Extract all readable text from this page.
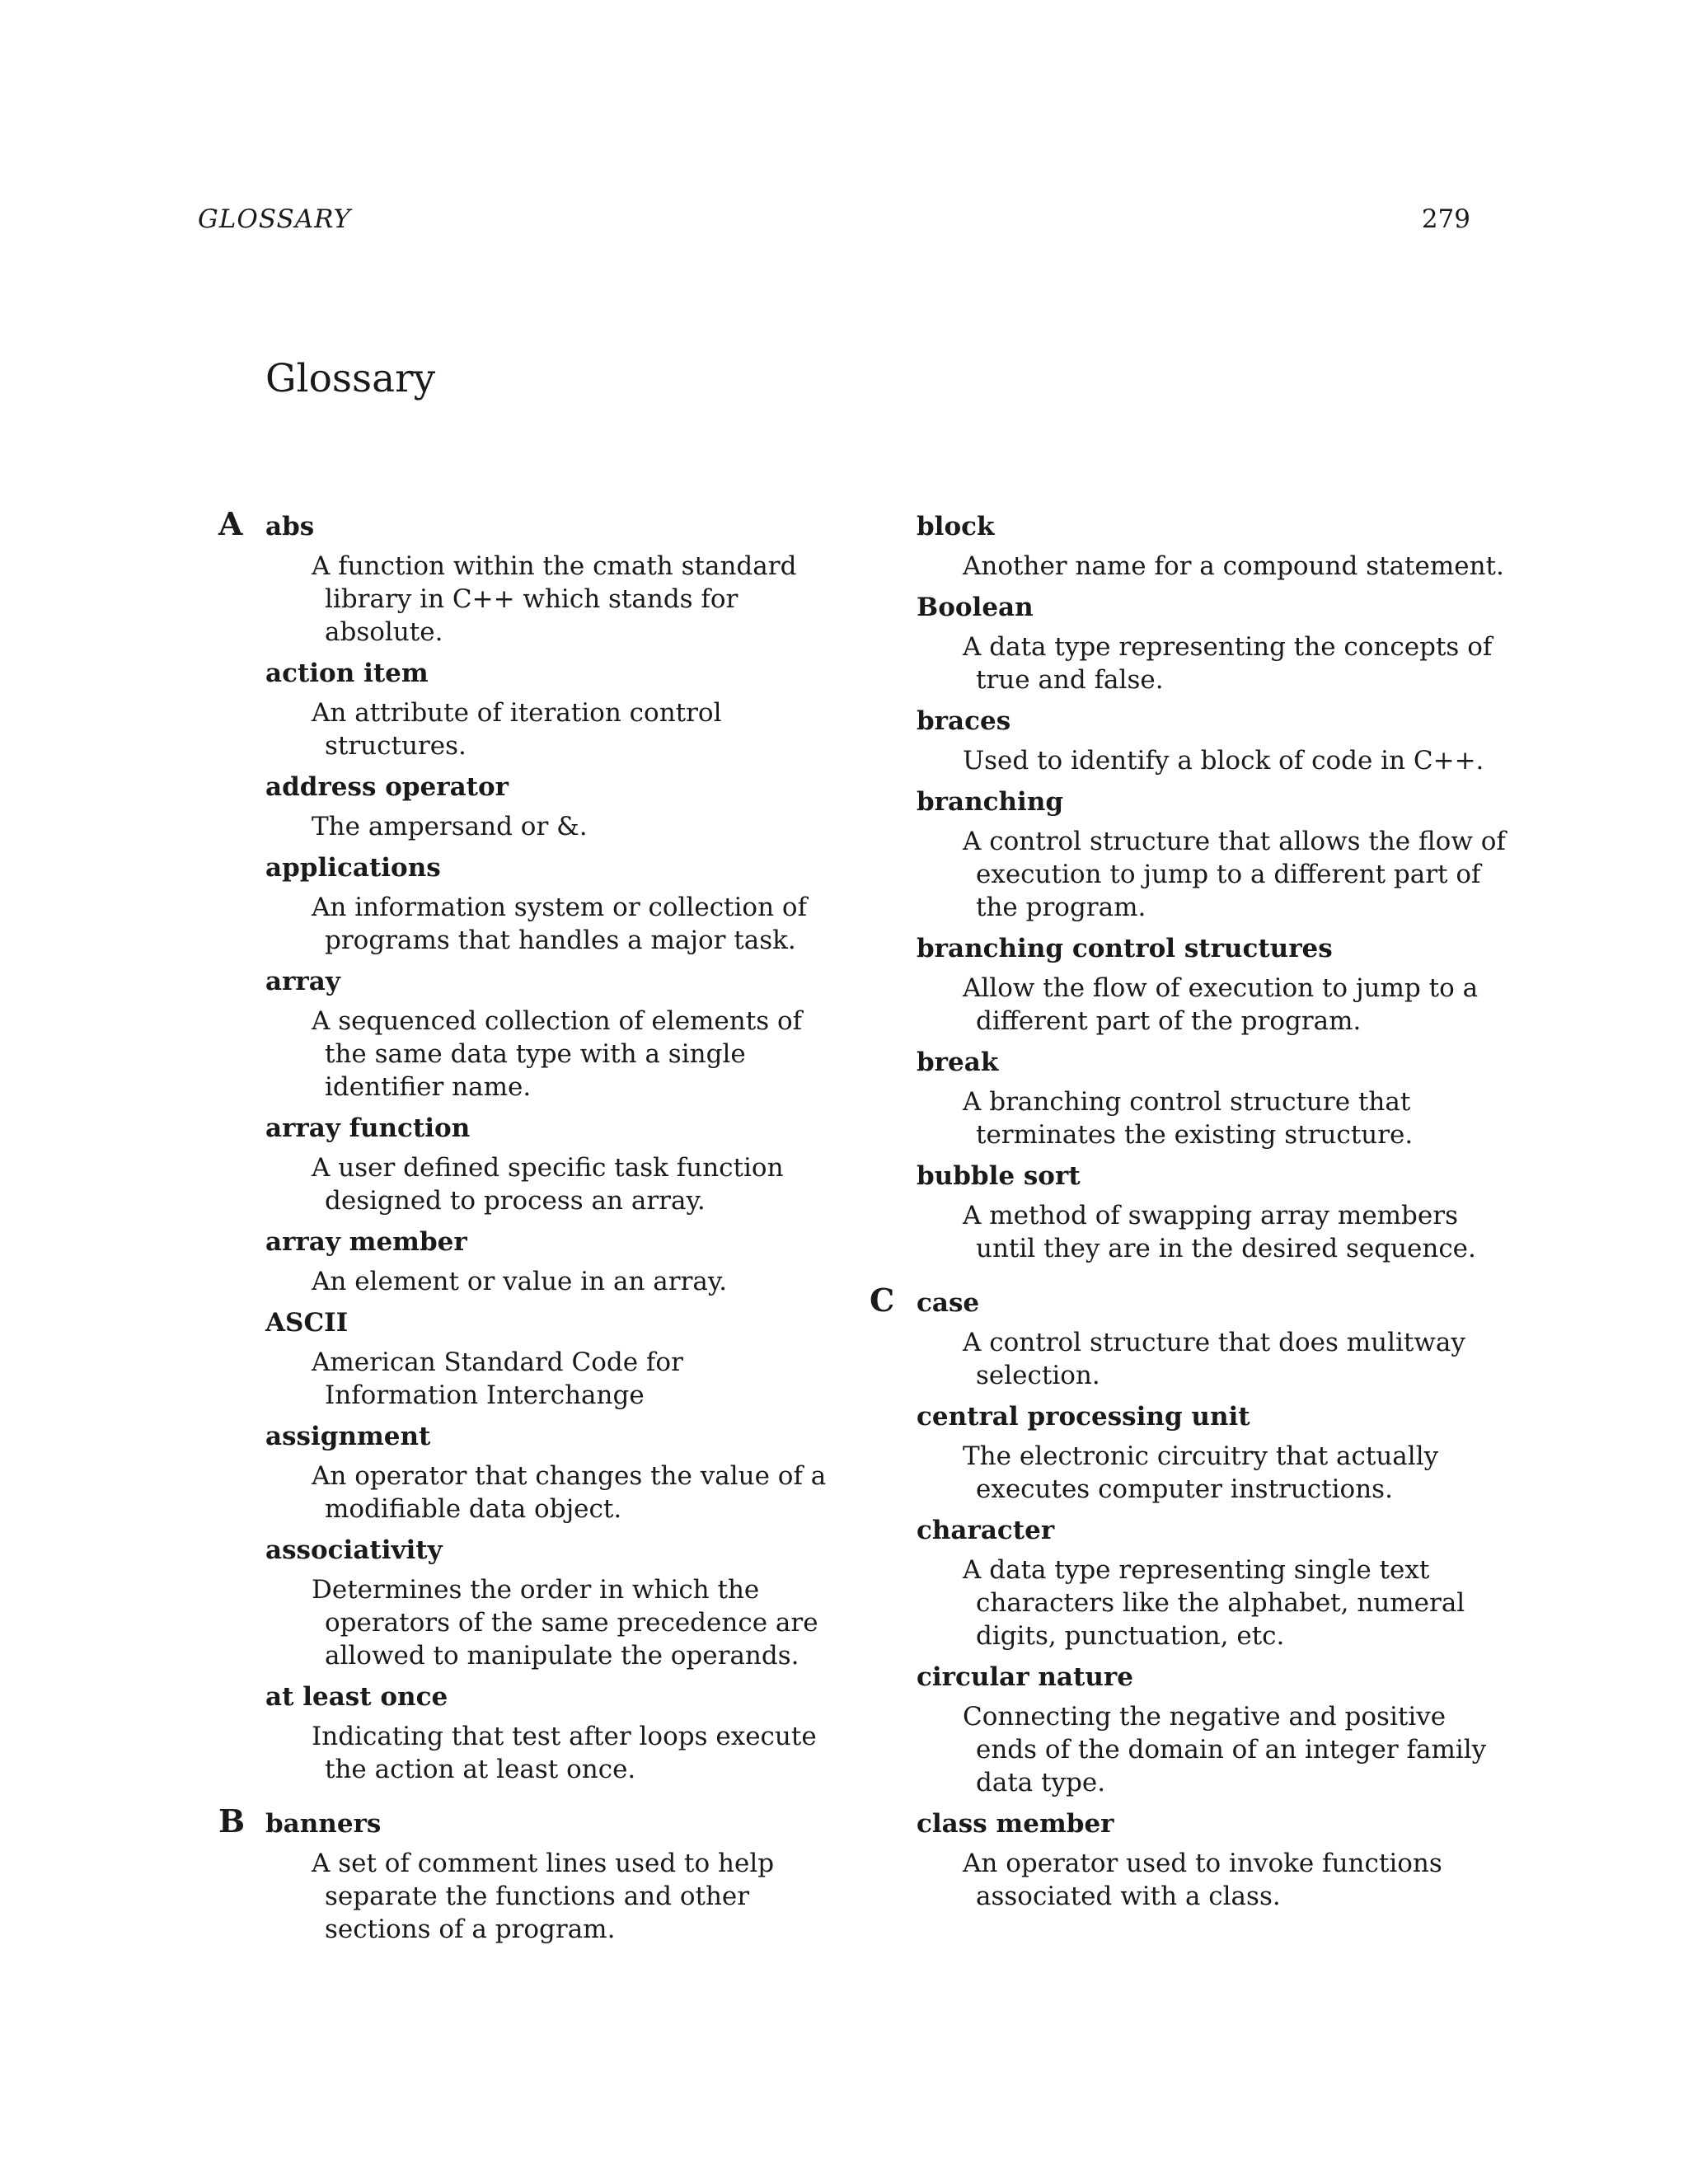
GLOSSARY	279
Glossary
A abs
A function within the cmath standard library in C++ which stands for absolute.
action item
An attribute of iteration control structures.
address operator
The ampersand or &.
applications
An information system or collection of programs that handles a major task.
array
A sequenced collection of elements of the same data type with a single identifier name.
array function
A user defined specific task function designed to process an array.
array member
An element or value in an array.
ASCII
American Standard Code for Information Interchange
assignment
An operator that changes the value of a modifiable data object.
associativity
Determines the order in which the operators of the same precedence are allowed to manipulate the operands.
at least once
Indicating that test after loops execute the action at least once.
B banners
A set of comment lines used to help separate the functions and other sections of a program.
block
Another name for a compound statement.
Boolean
A data type representing the concepts of true and false.
braces
Used to identify a block of code in C++.
branching
A control structure that allows the flow of execution to jump to a different part of the program.
branching control structures
Allow the flow of execution to jump to a different part of the program.
break
A branching control structure that terminates the existing structure.
bubble sort
A method of swapping array members until they are in the desired sequence.
C case
A control structure that does mulitway selection.
central processing unit
The electronic circuitry that actually executes computer instructions.
character
A data type representing single text characters like the alphabet, numeral digits, punctuation, etc.
circular nature
Connecting the negative and positive ends of the domain of an integer family data type.
class member
An operator used to invoke functions associated with a class.
